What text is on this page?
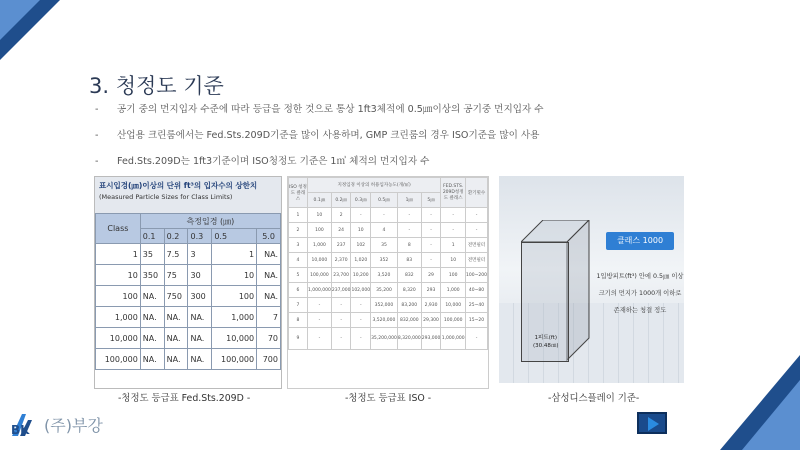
3. 청정도 기준
- 공기 중의 먼지입자 수준에 따라 등급을 정한 것으로 통상 1ft3체적에 0.5㎛이상의 공기중 먼지입자 수
- 산업용 크린룸에서는 Fed.Sts.209D기준을 많이 사용하며, GMP 크린룸의 경우 ISO기준을 많이 사용
- Fed.Sts.209D는 1ft3기준이며 ISO청정도 기준은 1㎥ 체적의 먼지입자 수
표시입경(㎛)이상의 단위 ft³의 입자수의 상한치
(Measured Particle Sizes for Class Limits)
Class	측정입경 (㎛)				
	0.1	0.2	0.3	0.5	5.0
1	35	7.5	3	1	NA.
10	350	75	30	10	NA.
100	NA.	750	300	100	NA.
1,000	NA.	NA.	NA.	1,000	7
10,000	NA.	NA.	NA.	10,000	70
100,000	NA.	NA.	NA.	100,000	700
ISO 청정도 클래스	지정입경 이상의 허용입자농도(개/㎥)						FED.STS. 209D청정도 클래스	환기횟수
	0.1㎛	0.2㎛	0.3㎛	0.5㎛	1㎛	5㎛		
1	10	2	-	-	-	-	-	-
2	100	24	10	4	-	-	-	-
3	1,000	237	102	35	8	-	1	전면필터
4	10,000	2,370	1,020	352	83	-	10	전면필터
5	100,000	23,700	10,200	3,520	832	29	100	100~200
6	1,000,000	237,000	102,000	35,200	8,320	293	1,000	40~80
7	-	-	-	352,000	83,200	2,930	10,000	25~40
8	-	-	-	3,520,000	832,000	29,300	100,000	15~20
9	-	-	-	35,200,000	8,320,000	293,000	1,000,000	-
클래스 1000
1입방피트(ft³) 안에 0.5㎛ 이상
크기의 먼지가 1000개 이하로
존재하는 청결 정도
1피트(ft)
(30.48㎝)
-청정도 등급표 Fed.Sts.209D -	-청정도 등급표 ISO -	-삼성디스플레이 기준-
BK (주)부강
